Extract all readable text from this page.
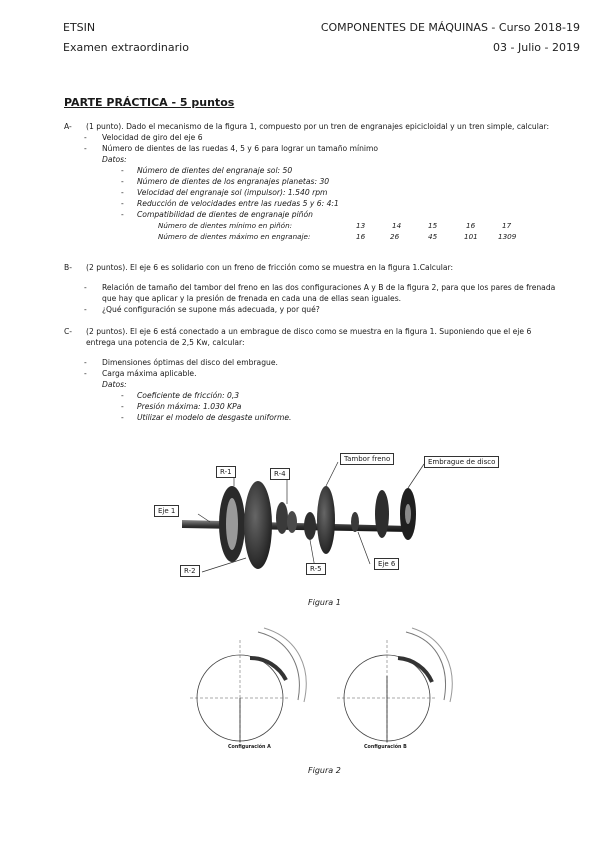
ETSIN
Examen extraordinario
COMPONENTES DE MÁQUINAS - Curso 2018-19
03 - Julio - 2019
PARTE PRÁCTICA - 5 puntos
A- (1 punto). Dado el mecanismo de la figura 1, compuesto por un tren de engranajes epicicloidal y un tren simple, calcular:
- Velocidad de giro del eje 6
- Número de dientes de las ruedas 4, 5 y 6 para lograr un tamaño mínimo
Datos:
- Número de dientes del engranaje sol: 50
- Número de dientes de los engranajes planetas: 30
- Velocidad del engranaje sol (impulsor): 1.540 rpm
- Reducción de velocidades entre las ruedas 5 y 6: 4:1
- Compatibilidad de dientes de engranaje piñón
Número de dientes mínimo en piñón:	13	14	15	16	17
Número de dientes máximo en engranaje:	16	26	45	101	1309
B- (2 puntos). El eje 6 es solidario con un freno de fricción como se muestra en la figura 1.Calcular:
- Relación de tamaño del tambor del freno en las dos configuraciones A y B de la figura 2, para que los pares de frenada
que hay que aplicar y la presión de frenada en cada una de ellas sean iguales.
- ¿Qué configuración se supone más adecuada, y por qué?
C- (2 puntos). El eje 6 está conectado a un embrague de disco como se muestra en la figura 1. Suponiendo que el eje 6
entrega una potencia de 2,5 Kw, calcular:
- Dimensiones óptimas del disco del embrague.
- Carga máxima aplicable.
Datos:
- Coeficiente de fricción: 0,3
- Presión máxima: 1.030 KPa
- Utilizar el modelo de desgaste uniforme.
R-1	R-4
Tambor freno	Embrague de disco
Eje 1
R-2	R-5
Eje 6
Figura 1
Configuración A	Configuración B
Figura 2
